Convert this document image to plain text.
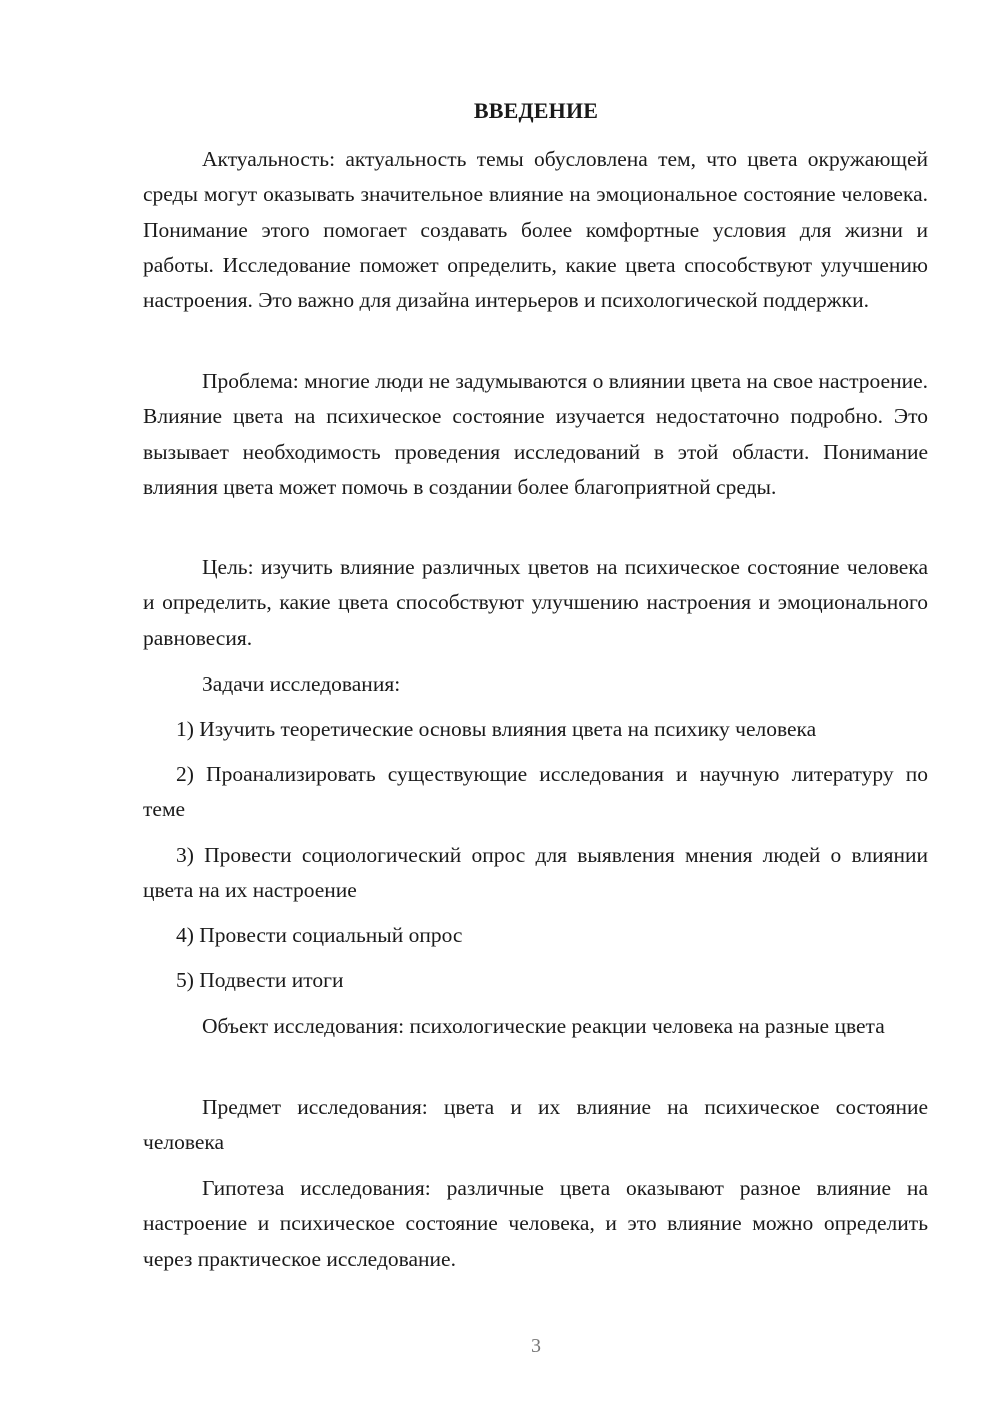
ВВЕДЕНИЕ

Актуальность: актуальность темы обусловлена тем, что цвета окружающей среды могут оказывать значительное влияние на эмоциональное состояние человека. Понимание этого помогает создавать более комфортные условия для жизни и работы. Исследование поможет определить, какие цвета способствуют улучшению настроения. Это важно для дизайна интерьеров и психологической поддержки.

Проблема: многие люди не задумываются о влиянии цвета на свое настроение. Влияние цвета на психическое состояние изучается недостаточно подробно. Это вызывает необходимость проведения исследований в этой области. Понимание влияния цвета может помочь в создании более благоприятной среды.

Цель: изучить влияние различных цветов на психическое состояние человека и определить, какие цвета способствуют улучшению настроения и эмоционального равновесия.

Задачи исследования:

1) Изучить теоретические основы влияния цвета на психику человека

2) Проанализировать существующие исследования и научную литературу по теме

3) Провести социологический опрос для выявления мнения людей о влиянии цвета на их настроение

4) Провести социальный опрос

5) Подвести итоги

Объект исследования: психологические реакции человека на разные цвета

Предмет исследования: цвета и их влияние на психическое состояние человека

Гипотеза исследования: различные цвета оказывают разное влияние на настроение и психическое состояние человека, и это влияние можно определить через практическое исследование.

3
